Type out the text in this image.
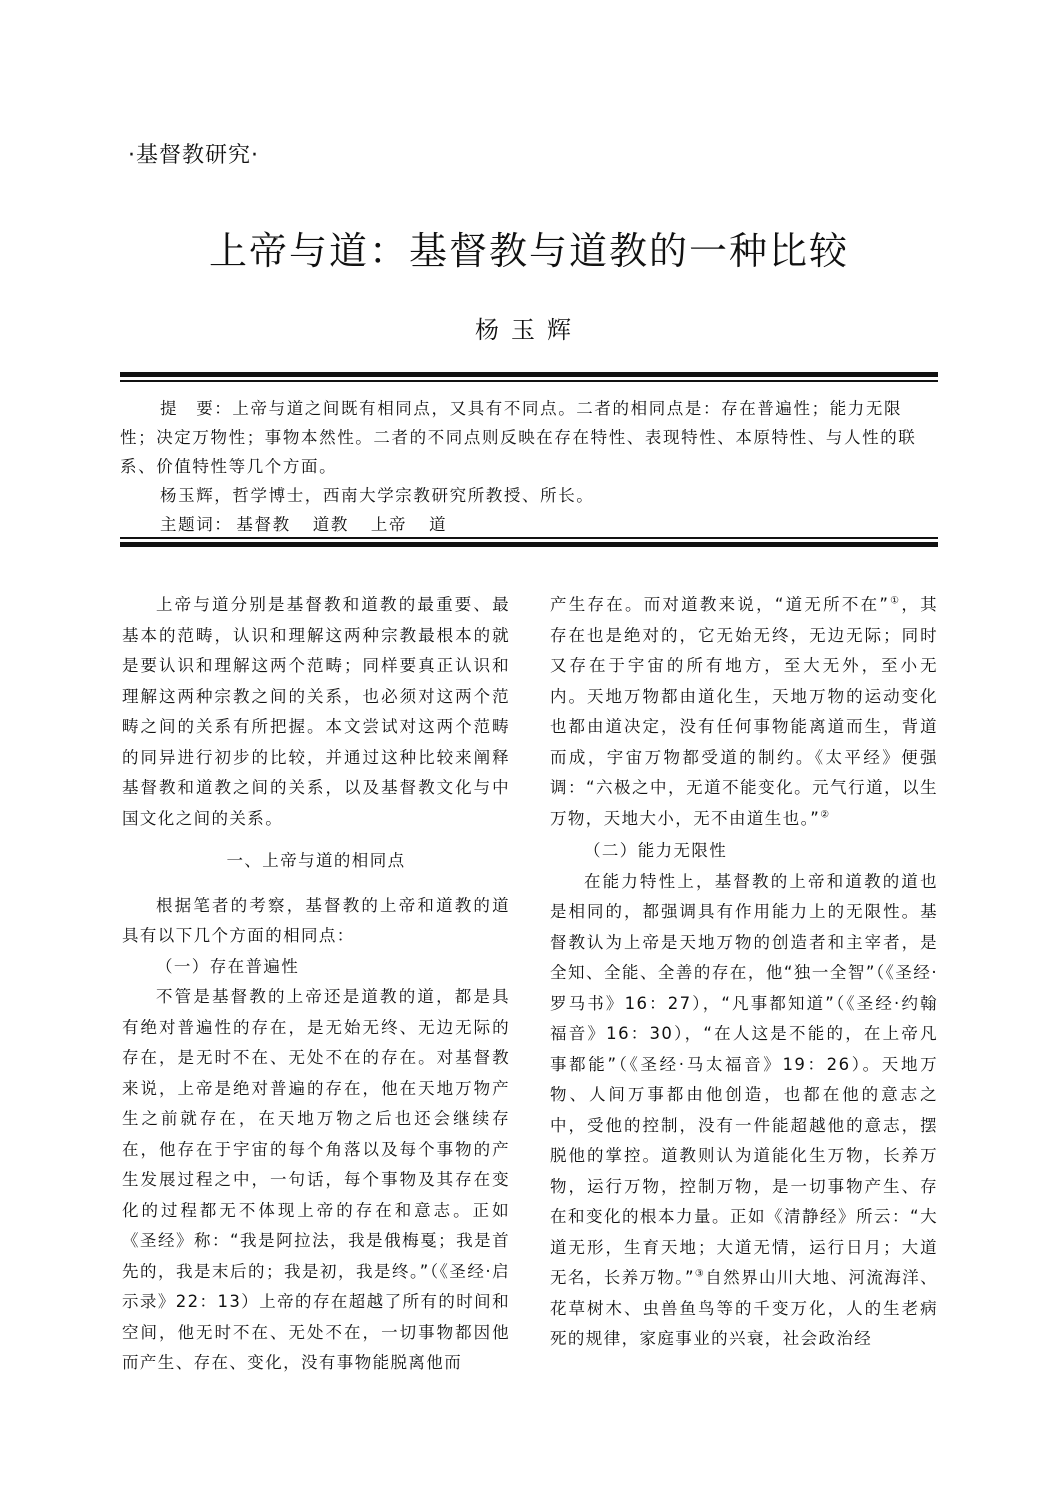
·基督教研究·
上帝与道：基督教与道教的一种比较
杨玉辉

提　要：上帝与道之间既有相同点，又具有不同点。二者的相同点是：存在普遍性；能力无限性；决定万物性；事物本然性。二者的不同点则反映在存在特性、表现特性、本原特性、与人性的联系、价值特性等几个方面。

杨玉辉，哲学博士，西南大学宗教研究所教授、所长。

主题词： 基督教 道教 上帝 道

上帝与道分别是基督教和道教的最重要、最基本的范畴，认识和理解这两种宗教最根本的就是要认识和理解这两个范畴；同样要真正认识和理解这两种宗教之间的关系，也必须对这两个范畴之间的关系有所把握。本文尝试对这两个范畴的同异进行初步的比较，并通过这种比较来阐释基督教和道教之间的关系，以及基督教文化与中国文化之间的关系。

一、上帝与道的相同点

根据笔者的考察，基督教的上帝和道教的道具有以下几个方面的相同点：

（一）存在普遍性

不管是基督教的上帝还是道教的道，都是具有绝对普遍性的存在，是无始无终、无边无际的存在，是无时不在、无处不在的存在。对基督教来说，上帝是绝对普遍的存在，他在天地万物产生之前就存在，在天地万物之后也还会继续存在，他存在于宇宙的每个角落以及每个事物的产生发展过程之中，一句话，每个事物及其存在变化的过程都无不体现上帝的存在和意志。正如《圣经》称：“我是阿拉法，我是俄梅戛；我是首先的，我是末后的；我是初，我是终。”（《圣经·启示录》22：13）上帝的存在超越了所有的时间和空间，他无时不在、无处不在，一切事物都因他而产生、存在、变化，没有事物能脱离他而

产生存在。而对道教来说，“道无所不在”①，其存在也是绝对的，它无始无终，无边无际；同时又存在于宇宙的所有地方，至大无外，至小无内。天地万物都由道化生，天地万物的运动变化也都由道决定，没有任何事物能离道而生，背道而成，宇宙万物都受道的制约。《太平经》便强调：“六极之中，无道不能变化。元气行道，以生万物，天地大小，无不由道生也。”②

（二）能力无限性

在能力特性上，基督教的上帝和道教的道也是相同的，都强调具有作用能力上的无限性。基督教认为上帝是天地万物的创造者和主宰者，是全知、全能、全善的存在，他“独一全智”（《圣经·罗马书》16：27），“凡事都知道”（《圣经·约翰福音》16：30），“在人这是不能的，在上帝凡事都能”（《圣经·马太福音》19：26）。天地万物、人间万事都由他创造，也都在他的意志之中，受他的控制，没有一件能超越他的意志，摆脱他的掌控。道教则认为道能化生万物，长养万物，运行万物，控制万物，是一切事物产生、存在和变化的根本力量。正如《清静经》所云：“大道无形，生育天地；大道无情，运行日月；大道无名，长养万物。”③自然界山川大地、河流海洋、花草树木、虫兽鱼鸟等的千变万化，人的生老病死的规律，家庭事业的兴衰，社会政治经
